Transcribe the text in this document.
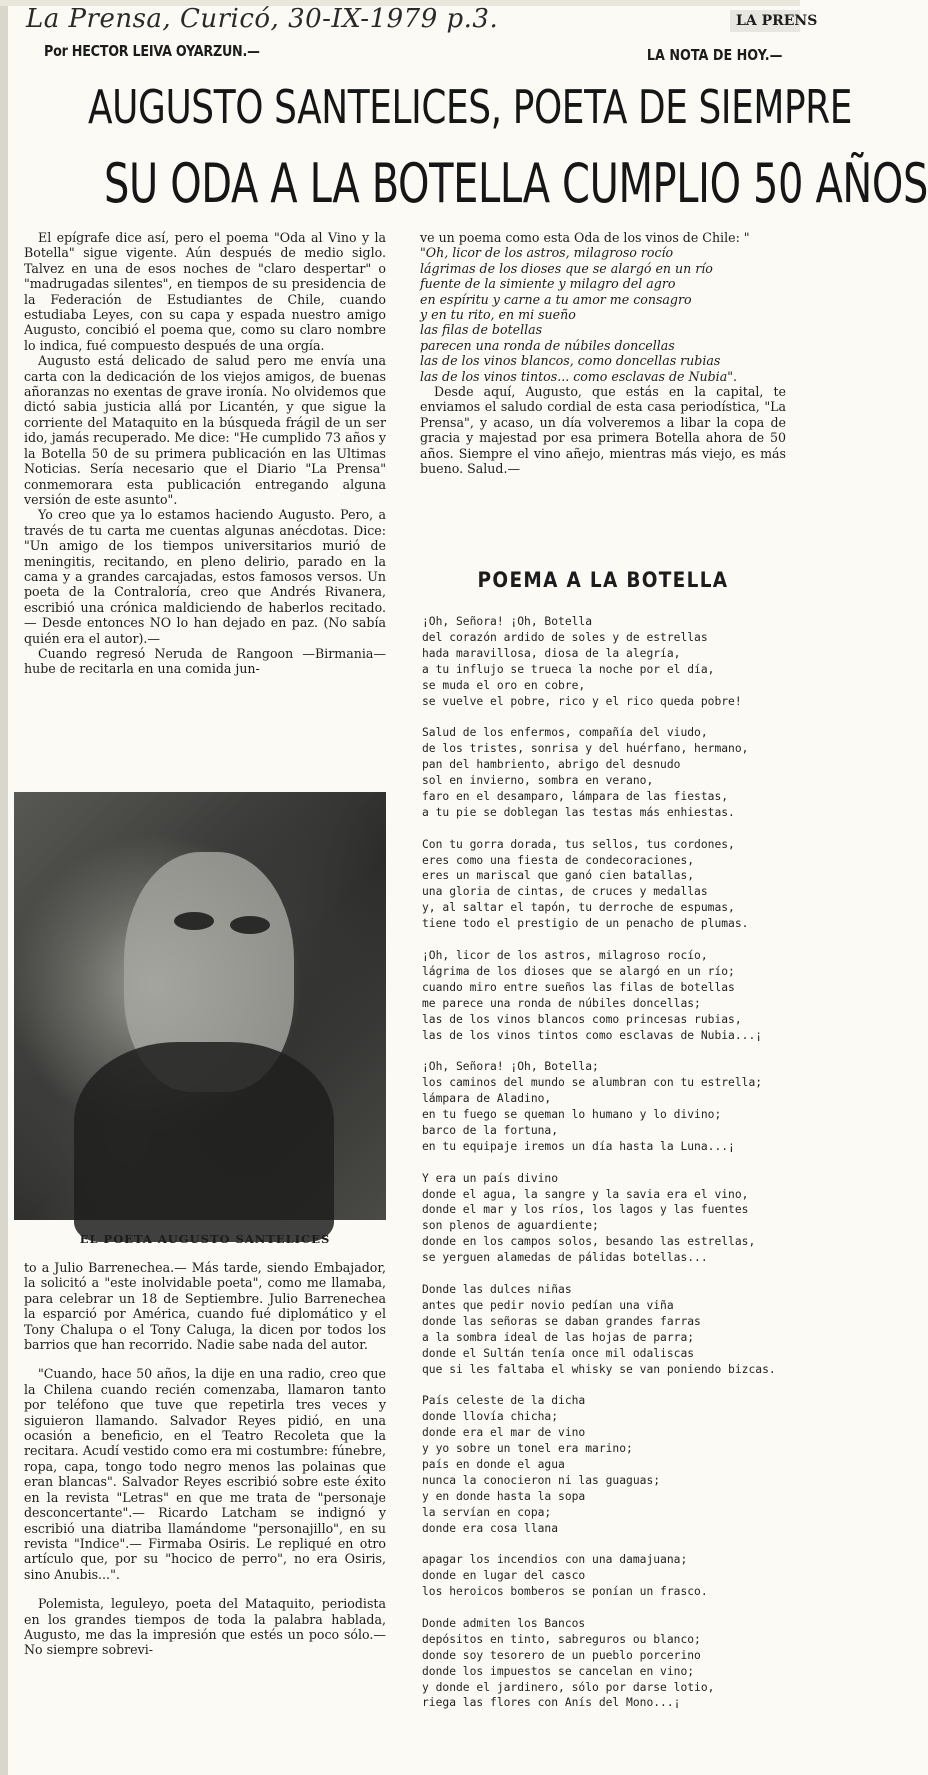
La Prensa, Curicó, 30-IX-1979 p.3.	LA PRENS

Por HECTOR LEIVA OYARZUN.—	LA NOTA DE HOY.—

AUGUSTO SANTELICES, POETA DE SIEMPRE
SU ODA A LA BOTELLA CUMPLIO 50 AÑOS

El epígrafe dice así, pero el poema "Oda al Vino y la Botella" sigue vigente. Aún después de medio siglo. Talvez en una de esos noches de "claro despertar" o "madrugadas silentes", en tiempos de su presidencia de la Federación de Estudiantes de Chile, cuando estudiaba Leyes, con su capa y espada nuestro amigo Augusto, concibió el poema que, como su claro nombre lo indica, fué compuesto después de una orgía.

Augusto está delicado de salud pero me envía una carta con la dedicación de los viejos amigos, de buenas añoranzas no exentas de grave ironía. No olvidemos que dictó sabia justicia allá por Licantén, y que sigue la corriente del Mataquito en la búsqueda frágil de un ser ido, jamás recuperado. Me dice: "He cumplido 73 años y la Botella 50 de su primera publicación en las Ultimas Noticias. Sería necesario que el Diario "La Prensa" conmemorara esta publicación entregando alguna versión de este asunto".

Yo creo que ya lo estamos haciendo Augusto. Pero, a través de tu carta me cuentas algunas anécdotas. Dice: "Un amigo de los tiempos universitarios murió de meningitis, recitando, en pleno delirio, parado en la cama y a grandes carcajadas, estos famosos versos. Un poeta de la Contraloría, creo que Andrés Rivanera, escribió una crónica maldiciendo de haberlos recitado.— Desde entonces NO lo han dejado en paz. (No sabía quién era el autor).—

Cuando regresó Neruda de Rangoon —Birmania— hube de recitarla en una comida jun-

EL POETA AUGUSTO SANTELICES

to a Julio Barrenechea.— Más tarde, siendo Embajador, la solicitó a "este inolvidable poeta", como me llamaba, para celebrar un 18 de Septiembre. Julio Barrenechea la esparció por América, cuando fué diplomático y el Tony Chalupa o el Tony Caluga, la dicen por todos los barrios que han recorrido. Nadie sabe nada del autor.

"Cuando, hace 50 años, la dije en una radio, creo que la Chilena cuando recién comenzaba, llamaron tanto por teléfono que tuve que repetirla tres veces y siguieron llamando. Salvador Reyes pidió, en una ocasión a beneficio, en el Teatro Recoleta que la recitara. Acudí vestido como era mi costumbre: fúnebre, ropa, capa, tongo todo negro menos las polainas que eran blancas". Salvador Reyes escribió sobre este éxito en la revista "Letras" en que me trata de "personaje desconcertante".— Ricardo Latcham se indignó y escribió una diatriba llamándome "personajillo", en su revista "Indice".— Firmaba Osiris. Le repliqué en otro artículo que, por su "hocico de perro", no era Osiris, sino Anubis...".

Polemista, leguleyo, poeta del Mataquito, periodista en los grandes tiempos de toda la palabra hablada, Augusto, me das la impresión que estés un poco sólo.— No siempre sobrevi-

ve un poema como esta Oda de los vinos de Chile: "

"Oh, licor de los astros, milagroso rocío
lágrimas de los dioses que se alargó en un río
fuente de la simiente y milagro del agro
en espíritu y carne a tu amor me consagro
y en tu rito, en mi sueño
las filas de botellas
parecen una ronda de núbiles doncellas
las de los vinos blancos, como doncellas rubias
las de los vinos tintos... como esclavas de Nubia".

Desde aquí, Augusto, que estás en la capital, te enviamos el saludo cordial de esta casa periodística, "La Prensa", y acaso, un día volveremos a libar la copa de gracia y majestad por esa primera Botella ahora de 50 años. Siempre el vino añejo, mientras más viejo, es más bueno. Salud.—

POEMA A LA BOTELLA
¡Oh, Señora! ¡Oh, Botella
del corazón ardido de soles y de estrellas
hada maravillosa, diosa de la alegría,
a tu influjo se trueca la noche por el día,
se muda el oro en cobre,
se vuelve el pobre, rico y el rico queda pobre!
Salud de los enfermos, compañía del viudo,
de los tristes, sonrisa y del huérfano, hermano,
pan del hambriento, abrigo del desnudo
sol en invierno, sombra en verano,
faro en el desamparo, lámpara de las fiestas,
a tu pie se doblegan las testas más enhiestas.
Con tu gorra dorada, tus sellos, tus cordones,
eres como una fiesta de condecoraciones,
eres un mariscal que ganó cien batallas,
una gloria de cintas, de cruces y medallas
y, al saltar el tapón, tu derroche de espumas,
tiene todo el prestigio de un penacho de plumas.
¡Oh, licor de los astros, milagroso rocío,
lágrima de los dioses que se alargó en un río;
cuando miro entre sueños las filas de botellas
me parece una ronda de núbiles doncellas;
las de los vinos blancos como princesas rubias,
las de los vinos tintos como esclavas de Nubia...¡
¡Oh, Señora! ¡Oh, Botella;
los caminos del mundo se alumbran con tu estrella;
lámpara de Aladino,
en tu fuego se queman lo humano y lo divino;
barco de la fortuna,
en tu equipaje iremos un día hasta la Luna...¡
Y era un país divino
donde el agua, la sangre y la savia era el vino,
donde el mar y los ríos, los lagos y las fuentes
son plenos de aguardiente;
donde en los campos solos, besando las estrellas,
se yerguen alamedas de pálidas botellas...
Donde las dulces niñas
antes que pedir novio pedían una viña
donde las señoras se daban grandes farras
a la sombra ideal de las hojas de parra;
donde el Sultán tenía once mil odaliscas
que si les faltaba el whisky se van poniendo bizcas.
País celeste de la dicha
donde llovía chicha;
donde era el mar de vino
y yo sobre un tonel era marino;
país en donde el agua
nunca la conocieron ni las guaguas;
y en donde hasta la sopa
la servían en copa;
donde era cosa llana
apagar los incendios con una damajuana;
donde en lugar del casco
los heroicos bomberos se ponían un frasco.
Donde admiten los Bancos
depósitos en tinto, sabreguros ou blanco;
donde soy tesorero de un pueblo porcerino
donde los impuestos se cancelan en vino;
y donde el jardinero, sólo por darse lotio,
riega las flores con Anís del Mono...¡
